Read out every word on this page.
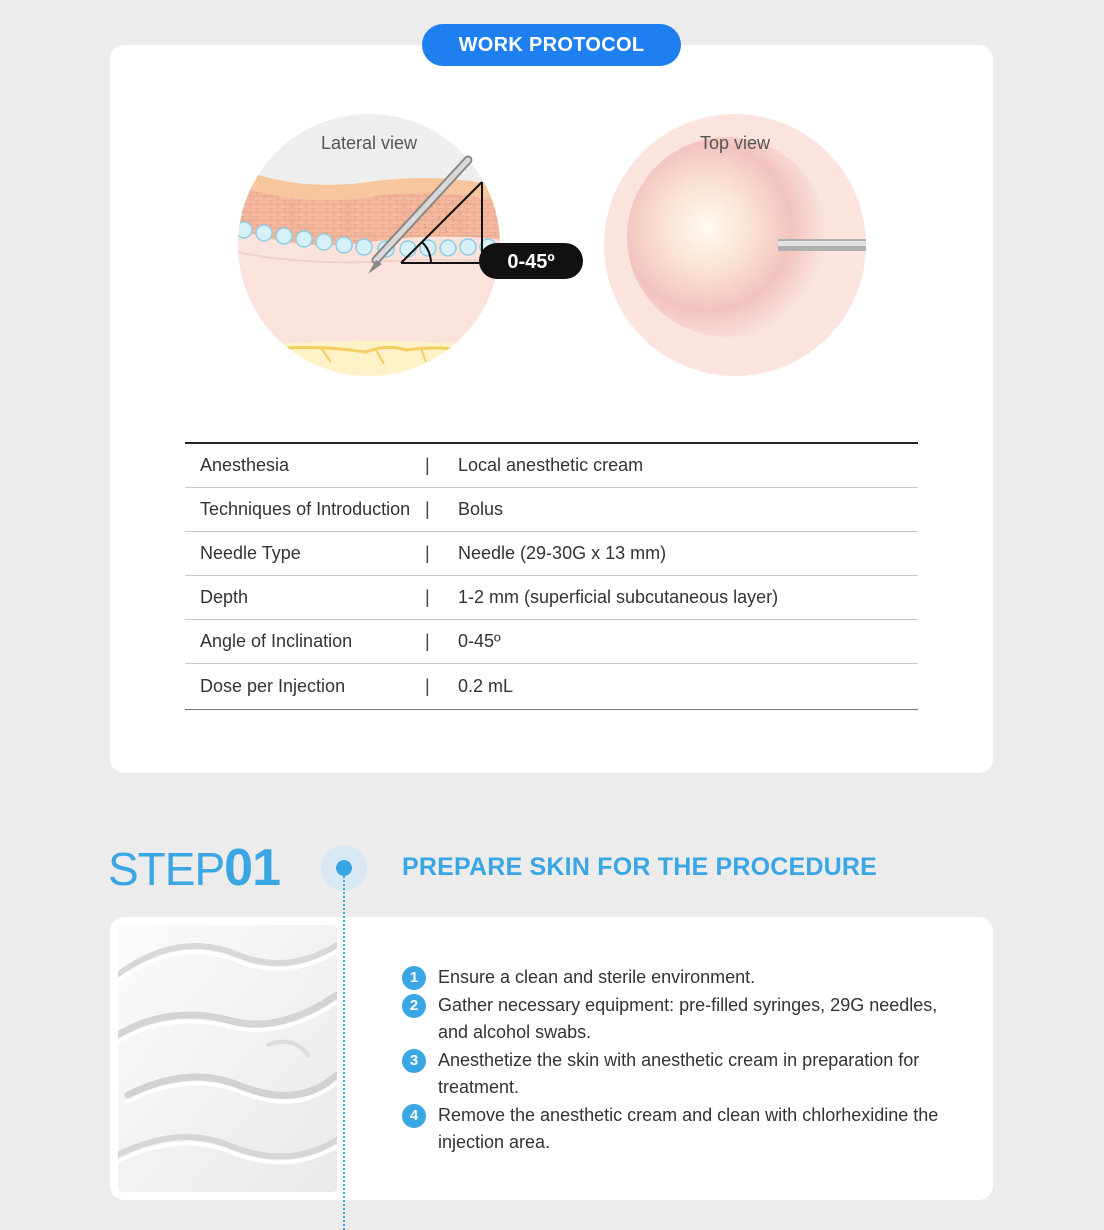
WORK PROTOCOL
Lateral view	Top view
0-45º
Anesthesia	|	Local anesthetic cream
Techniques of Introduction |	Bolus
Needle Type	|	Needle (29-30G x 13 mm)
Depth	|	1-2 mm (superficial subcutaneous layer)
Angle of Inclination	|	0-45º
Dose per Injection	|	0.2 mL
STEP 01	PREPARE SKIN FOR THE PROCEDURE
1	Ensure a clean and sterile environment.
2	Gather necessary equipment: pre-filled syringes, 29G needles, and alcohol swabs.
3	Anesthetize the skin with anesthetic cream in preparation for treatment.
4	Remove the anesthetic cream and clean with chlorhexidine the injection area.
